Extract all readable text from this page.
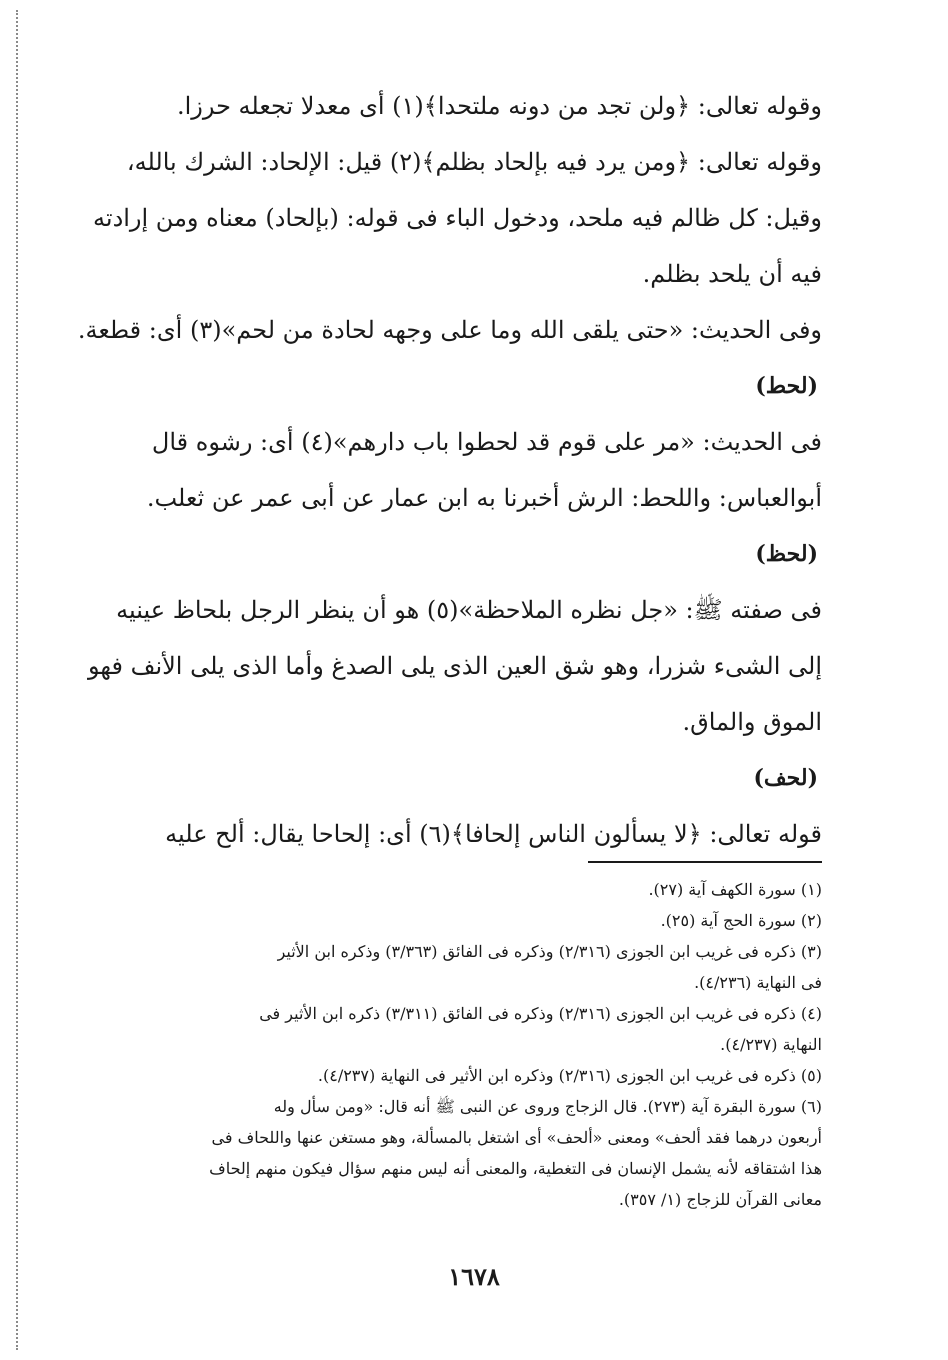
وقوله تعالى: ﴿ولن تجد من دونه ملتحدا﴾(١) أى معدلا تجعله حرزا.

وقوله تعالى: ﴿ومن يرد فيه بإلحاد بظلم﴾(٢) قيل: الإلحاد: الشرك بالله،

وقيل: كل ظالم فيه ملحد، ودخول الباء فى قوله: (بإلحاد) معناه ومن إرادته

فيه أن يلحد بظلم.

وفى الحديث: «حتى يلقى الله وما على وجهه لحادة من لحم»(٣) أى: قطعة.

(لحط)

فى الحديث: «مر على قوم قد لحطوا باب دارهم»(٤) أى: رشوه قال

أبوالعباس: واللحط: الرش أخبرنا به ابن عمار عن أبى عمر عن ثعلب.

(لحظ)

فى صفته ﷺ: «جل نظره الملاحظة»(٥) هو أن ينظر الرجل بلحاظ عينيه

إلى الشىء شزرا، وهو شق العين الذى يلى الصدغ وأما الذى يلى الأنف فهو

الموق والماق.

(لحف)

قوله تعالى: ﴿لا يسألون الناس إلحافا﴾(٦) أى: إلحاحا يقال: ألح عليه

(١) سورة الكهف آية (٢٧).

(٢) سورة الحج آية (٢٥).

(٣) ذكره فى غريب ابن الجوزى (٢/٣١٦) وذكره فى الفائق (٣/٣٦٣) وذكره ابن الأثير

فى النهاية (٤/٢٣٦).

(٤) ذكره فى غريب ابن الجوزى (٢/٣١٦) وذكره فى الفائق (٣/٣١١) ذكره ابن الأثير فى

النهاية (٤/٢٣٧).

(٥) ذكره فى غريب ابن الجوزى (٢/٣١٦) وذكره ابن الأثير فى النهاية (٤/٢٣٧).

(٦) سورة البقرة آية (٢٧٣). قال الزجاج وروى عن النبى ﷺ أنه قال: «ومن سأل وله

أربعون درهما فقد ألحف» ومعنى «ألحف» أى اشتغل بالمسألة، وهو مستغن عنها واللحاف فى

هذا اشتقاقه لأنه يشمل الإنسان فى التغطية، والمعنى أنه ليس منهم سؤال فيكون منهم إلحاف

معانى القرآن للزجاج (١/ ٣٥٧).

١٦٧٨
